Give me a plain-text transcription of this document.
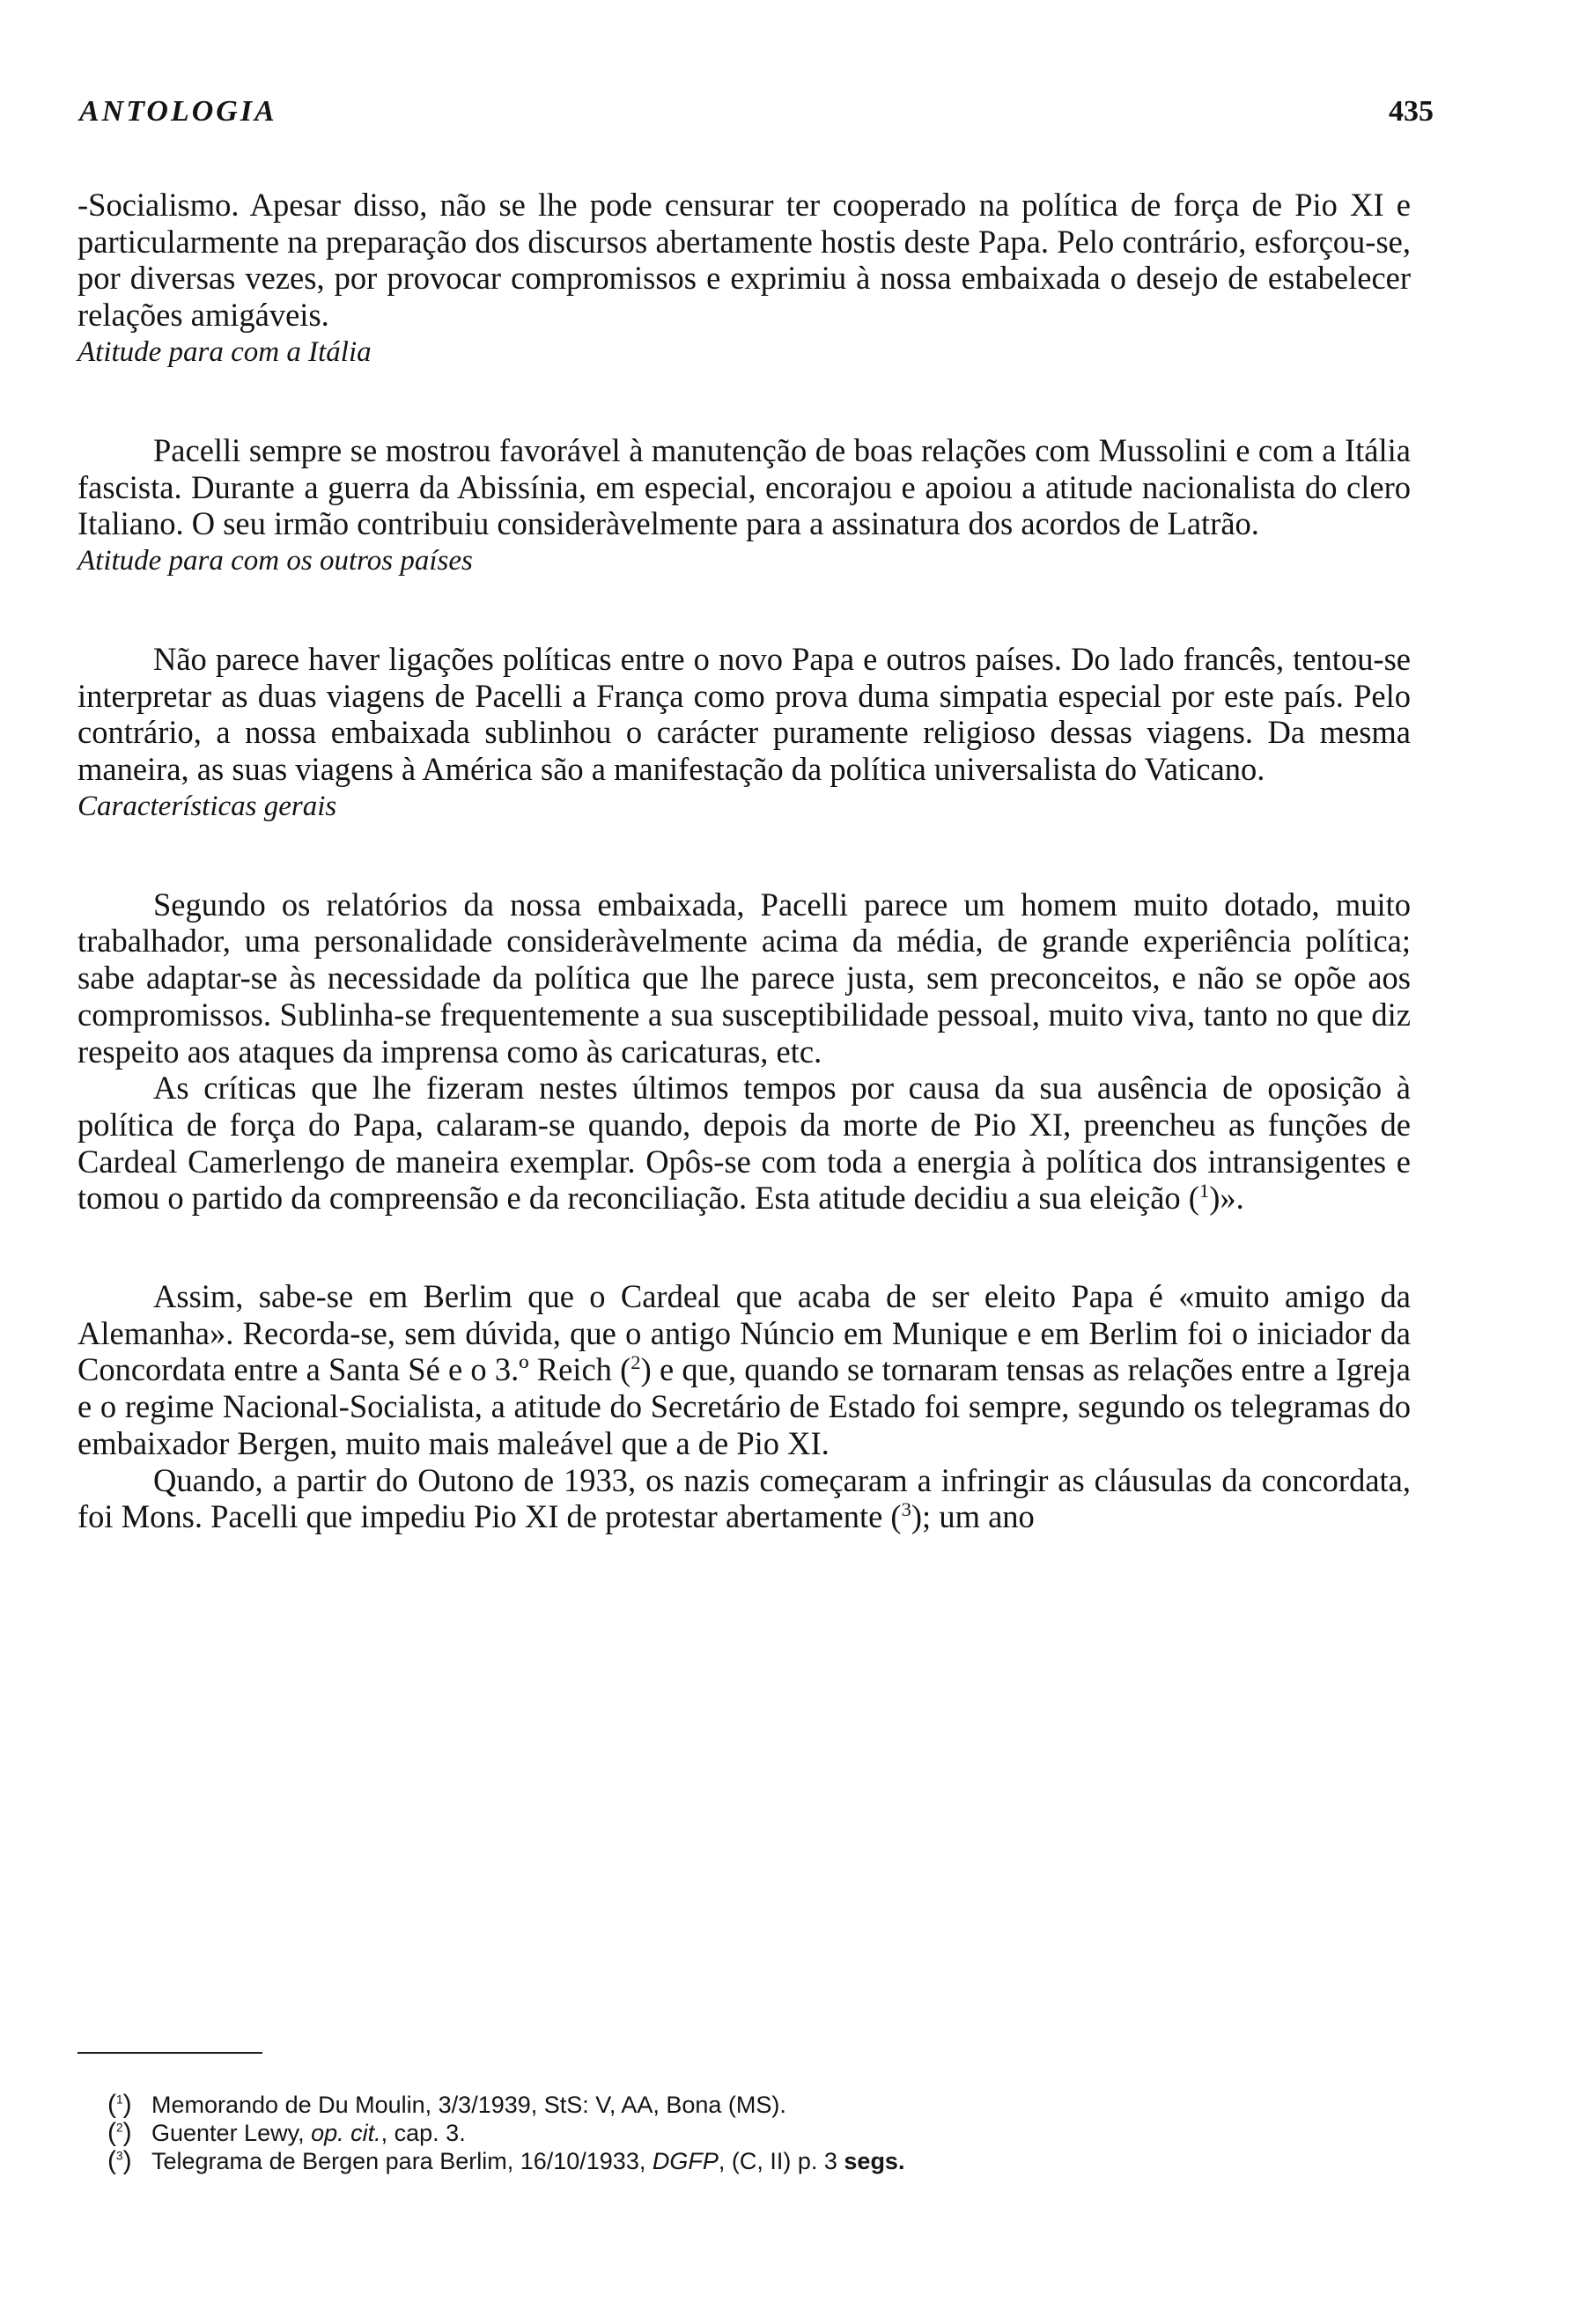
ANTOLOGIA	435

-Socialismo. Apesar disso, não se lhe pode censurar ter cooperado na política de força de Pio XI e particularmente na preparação dos discursos abertamente hostis deste Papa. Pelo contrário, esforçou-se, por diversas vezes, por provocar compromissos e exprimiu à nossa embaixada o desejo de estabelecer relações amigáveis.

Atitude para com a Itália

Pacelli sempre se mostrou favorável à manutenção de boas relações com Mussolini e com a Itália fascista. Durante a guerra da Abissínia, em especial, encorajou e apoiou a atitude nacionalista do clero Italiano. O seu irmão contribuiu consideràvelmente para a assinatura dos acordos de Latrão.

Atitude para com os outros países

Não parece haver ligações políticas entre o novo Papa e outros países. Do lado francês, tentou-se interpretar as duas viagens de Pacelli a França como prova duma simpatia especial por este país. Pelo contrário, a nossa embaixada sublinhou o carácter puramente religioso dessas viagens. Da mesma maneira, as suas viagens à América são a manifestação da política universalista do Vaticano.

Características gerais

Segundo os relatórios da nossa embaixada, Pacelli parece um homem muito dotado, muito trabalhador, uma personalidade consideràvelmente acima da média, de grande experiência política; sabe adaptar-se às necessidade da política que lhe parece justa, sem preconceitos, e não se opõe aos compromissos. Sublinha-se frequentemente a sua susceptibilidade pessoal, muito viva, tanto no que diz respeito aos ataques da imprensa como às caricaturas, etc.

As críticas que lhe fizeram nestes últimos tempos por causa da sua ausência de oposição à política de força do Papa, calaram-se quando, depois da morte de Pio XI, preencheu as funções de Cardeal Camerlengo de maneira exemplar. Opôs-se com toda a energia à política dos intransigentes e tomou o partido da compreensão e da reconciliação. Esta atitude decidiu a sua eleição ($^1$)».

Assim, sabe-se em Berlim que o Cardeal que acaba de ser eleito Papa é «muito amigo da Alemanha». Recorda-se, sem dúvida, que o antigo Núncio em Munique e em Berlim foi o iniciador da Concordata entre a Santa Sé e o 3.º Reich ($^2$) e que, quando se tornaram tensas as relações entre a Igreja e o regime Nacional-Socialista, a atitude do Secretário de Estado foi sempre, segundo os telegramas do embaixador Bergen, muito mais maleável que a de Pio XI.

Quando, a partir do Outono de 1933, os nazis começaram a infringir as cláusulas da concordata, foi Mons. Pacelli que impediu Pio XI de protestar abertamente ($^3$); um ano

($^1$) Memorando de Du Moulin, 3/3/1939, StS: V, AA, Bona (MS).
($^2$) Guenter Lewy, op. cit., cap. 3.
($^3$) Telegrama de Bergen para Berlim, 16/10/1933, DGFP, (C, II) p. 3 segs.
